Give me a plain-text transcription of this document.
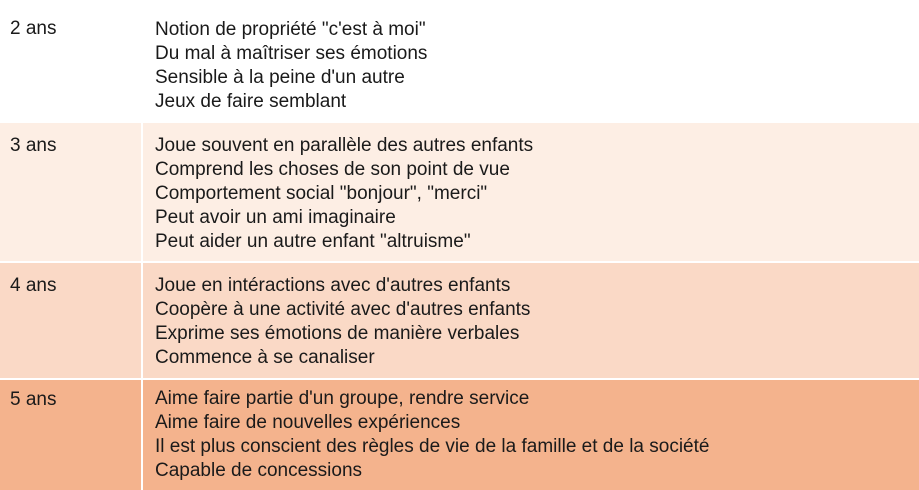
2 ans	Notion de propriété "c'est à moi"
Du mal à maîtriser ses émotions
Sensible à la peine d'un autre
Jeux de faire semblant
3 ans	Joue souvent en parallèle des autres enfants
Comprend les choses de son point de vue
Comportement social "bonjour", "merci"
Peut avoir un ami imaginaire
Peut aider un autre enfant "altruisme"
4 ans	Joue en intéractions avec d'autres enfants
Coopère à une activité avec d'autres enfants
Exprime ses émotions de manière verbales
Commence à se canaliser
5 ans	Aime faire partie d'un groupe, rendre service
Aime faire de nouvelles expériences
Il est plus conscient des règles de vie de la famille et de la société
Capable de concessions
